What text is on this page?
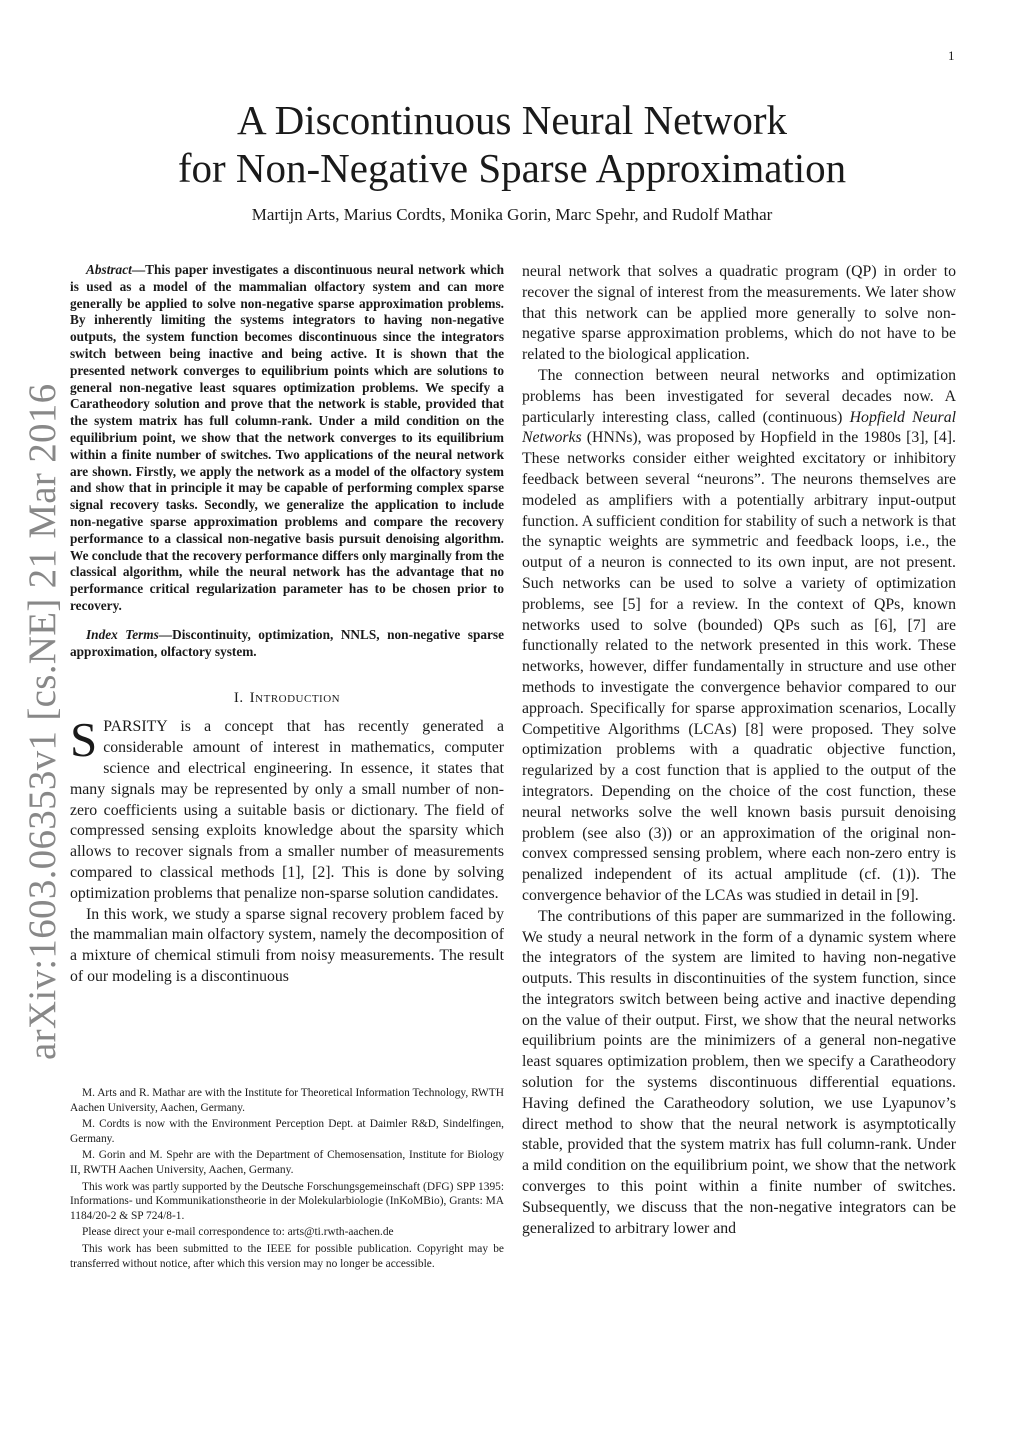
1
arXiv:1603.06353v1 [cs.NE] 21 Mar 2016
A Discontinuous Neural Network
for Non-Negative Sparse Approximation

Martijn Arts, Marius Cordts, Monika Gorin, Marc Spehr, and Rudolf Mathar

Abstract—This paper investigates a discontinuous neural network which is used as a model of the mammalian olfactory system and can more generally be applied to solve non-negative sparse approximation problems. By inherently limiting the systems integrators to having non-negative outputs, the system function becomes discontinuous since the integrators switch between being inactive and being active. It is shown that the presented network converges to equilibrium points which are solutions to general non-negative least squares optimization problems. We specify a Caratheodory solution and prove that the network is stable, provided that the system matrix has full column-rank. Under a mild condition on the equilibrium point, we show that the network converges to its equilibrium within a finite number of switches. Two applications of the neural network are shown. Firstly, we apply the network as a model of the olfactory system and show that in principle it may be capable of performing complex sparse signal recovery tasks. Secondly, we generalize the application to include non-negative sparse approximation problems and compare the recovery performance to a classical non-negative basis pursuit denoising algorithm. We conclude that the recovery performance differs only marginally from the classical algorithm, while the neural network has the advantage that no performance critical regularization parameter has to be chosen prior to recovery.

Index Terms—Discontinuity, optimization, NNLS, non-negative sparse approximation, olfactory system.

I. Introduction

SPARSITY is a concept that has recently generated a considerable amount of interest in mathematics, computer science and electrical engineering. In essence, it states that many signals may be represented by only a small number of non-zero coefficients using a suitable basis or dictionary. The field of compressed sensing exploits knowledge about the sparsity which allows to recover signals from a smaller number of measurements compared to classical methods [1], [2]. This is done by solving optimization problems that penalize non-sparse solution candidates.

In this work, we study a sparse signal recovery problem faced by the mammalian main olfactory system, namely the decomposition of a mixture of chemical stimuli from noisy measurements. The result of our modeling is a discontinuous

M. Arts and R. Mathar are with the Institute for Theoretical Information Technology, RWTH Aachen University, Aachen, Germany.

M. Cordts is now with the Environment Perception Dept. at Daimler R&D, Sindelfingen, Germany.

M. Gorin and M. Spehr are with the Department of Chemosensation, Institute for Biology II, RWTH Aachen University, Aachen, Germany.

This work was partly supported by the Deutsche Forschungsgemeinschaft (DFG) SPP 1395: Informations- und Kommunikationstheorie in der Molekularbiologie (InKoMBio), Grants: MA 1184/20-2 & SP 724/8-1.

Please direct your e-mail correspondence to: arts@ti.rwth-aachen.de

This work has been submitted to the IEEE for possible publication. Copyright may be transferred without notice, after which this version may no longer be accessible.

neural network that solves a quadratic program (QP) in order to recover the signal of interest from the measurements. We later show that this network can be applied more generally to solve non-negative sparse approximation problems, which do not have to be related to the biological application.

The connection between neural networks and optimization problems has been investigated for several decades now. A particularly interesting class, called (continuous) Hopfield Neural Networks (HNNs), was proposed by Hopfield in the 1980s [3], [4]. These networks consider either weighted excitatory or inhibitory feedback between several “neurons”. The neurons themselves are modeled as amplifiers with a potentially arbitrary input-output function. A sufficient condition for stability of such a network is that the synaptic weights are symmetric and feedback loops, i.e., the output of a neuron is connected to its own input, are not present. Such networks can be used to solve a variety of optimization problems, see [5] for a review. In the context of QPs, known networks used to solve (bounded) QPs such as [6], [7] are functionally related to the network presented in this work. These networks, however, differ fundamentally in structure and use other methods to investigate the convergence behavior compared to our approach. Specifically for sparse approximation scenarios, Locally Competitive Algorithms (LCAs) [8] were proposed. They solve optimization problems with a quadratic objective function, regularized by a cost function that is applied to the output of the integrators. Depending on the choice of the cost function, these neural networks solve the well known basis pursuit denoising problem (see also (3)) or an approximation of the original non-convex compressed sensing problem, where each non-zero entry is penalized independent of its actual amplitude (cf. (1)). The convergence behavior of the LCAs was studied in detail in [9].

The contributions of this paper are summarized in the following. We study a neural network in the form of a dynamic system where the integrators of the system are limited to having non-negative outputs. This results in discontinuities of the system function, since the integrators switch between being active and inactive depending on the value of their output. First, we show that the neural networks equilibrium points are the minimizers of a general non-negative least squares optimization problem, then we specify a Caratheodory solution for the systems discontinuous differential equations. Having defined the Caratheodory solution, we use Lyapunov’s direct method to show that the neural network is asymptotically stable, provided that the system matrix has full column-rank. Under a mild condition on the equilibrium point, we show that the network converges to this point within a finite number of switches. Subsequently, we discuss that the non-negative integrators can be generalized to arbitrary lower and
